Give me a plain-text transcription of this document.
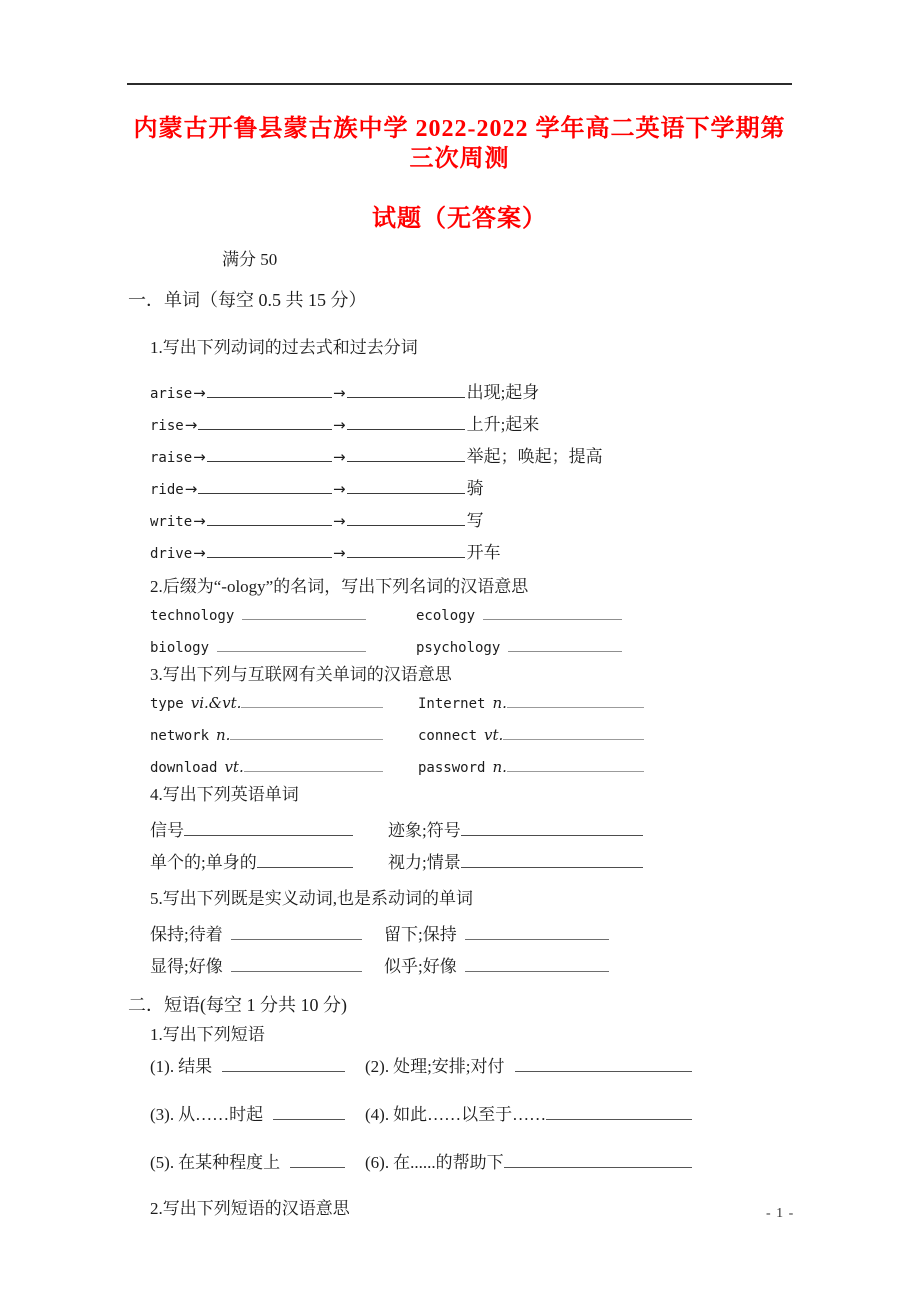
内蒙古开鲁县蒙古族中学 2022-2022 学年高二英语下学期第三次周测
试题（无答案）
满分 50
一．单词（每空 0.5 共 15 分）
1.写出下列动词的过去式和过去分词
arise →	→	出现;起身
rise →	→	上升;起来
raise →	→	举起；唤起；提高
ride →	→	骑
write →	→	写
drive →	→	开车
2.后缀为“-ology”的名词，写出下列名词的汉语意思
technology	ecology
biology	psychology
3.写出下列与互联网有关单词的汉语意思
type vi.&vt.	Internet n.
network n.	connect vt.
download vt.	password n.
4.写出下列英语单词
信号	迹象;符号
单个的;单身的	视力;情景
5.写出下列既是实义动词,也是系动词的单词
保持;待着	留下;保持
显得;好像	似乎;好像
二．短语(每空 1 分共 10 分)
1.写出下列短语
(1). 结果	(2). 处理;安排;对付
(3). 从……时起	(4). 如此……以至于……
(5). 在某种程度上	(6). 在......的帮助下
2.写出下列短语的汉语意思	- 1 -
